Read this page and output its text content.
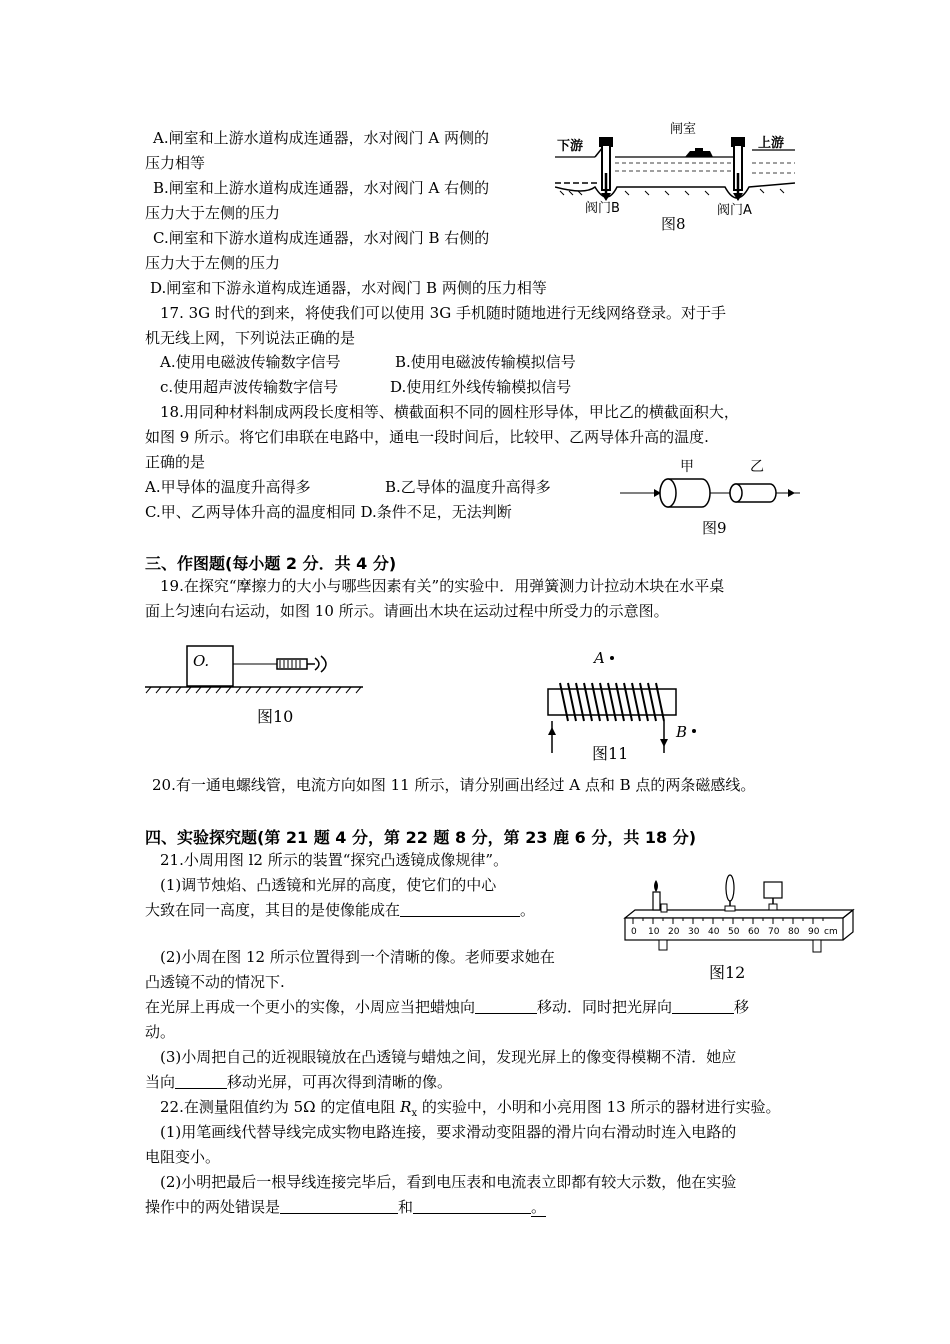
A.闸室和上游水道构成连通器，水对阀门 A 两侧的
压力相等
B.闸室和上游水道构成连通器，水对阀门 A 右侧的
压力大于左侧的压力
C.闸室和下游水道构成连通器，水对阀门 B 右侧的
压力大于左侧的压力
D.闸室和下游永道构成连通器，水对阀门 B 两侧的压力相等
下游
闸室
上游
阀门B	阀门A
图8
17. 3G 时代的到来，将使我们可以使用 3G 手机随时随地进行无线网络登录。对于手
机无线上网，下列说法正确的是
A.使用电磁波传输数字信号	B.使用电磁波传输模拟信号
c.使用超声波传输数字信号	D.使用红外线传输模拟信号
18.用同种材料制成两段长度相等、横截面积不同的圆柱形导体，甲比乙的横截面积大，
如图 9 所示。将它们串联在电路中，通电一段时间后，比较甲、乙两导体升高的温度.
正确的是
A.甲导体的温度升高得多	B.乙导体的温度升高得多
C.甲、乙两导体升高的温度相同 D.条件不足，无法判断
甲	乙
图9
三、作图题(每小题 2 分．共 4 分)
19.在探究“摩擦力的大小与哪些因素有关”的实验中．用弹簧测力计拉动木块在水平桌
面上匀速向右运动，如图 10 所示。请画出木块在运动过程中所受力的示意图。
O.
图10
A
B
图11
20.有一通电螺线管，电流方向如图 11 所示，请分别画出经过 A 点和 B 点的两条磁感线。
四、实验探究题(第 21 题 4 分，第 22 题 8 分，第 23 鹿 6 分，共 18 分)
21.小周用图 l2 所示的装置“探究凸透镜成像规律”。
(1)调节烛焰、凸透镜和光屏的高度，使它们的中心
大致在同一高度，其目的是使像能成在	。
(2)小周在图 12 所示位置得到一个清晰的像。老师要求她在
凸透镜不动的情况下.
在光屏上再成一个更小的实像，小周应当把蜡烛向	移动．同时把光屏向	移
动。
(3)小周把自己的近视眼镜放在凸透镜与蜡烛之间，发现光屏上的像变得模糊不清．她应
当向	移动光屏，可再次得到清晰的像。
0 10 20 30 40 50 60 70 80 90 cm
图12
22.在测量阻值约为 5Ω 的定值电阻 $R_x$ 的实验中，小明和小亮用图 13 所示的器材进行实验。
(1)用笔画线代替导线完成实物电路连接，要求滑动变阻器的滑片向右滑动时连入电路的
电阻变小。
(2)小明把最后一根导线连接完毕后，看到电压表和电流表立即都有较大示数，他在实验
操作中的两处错误是	和	。
